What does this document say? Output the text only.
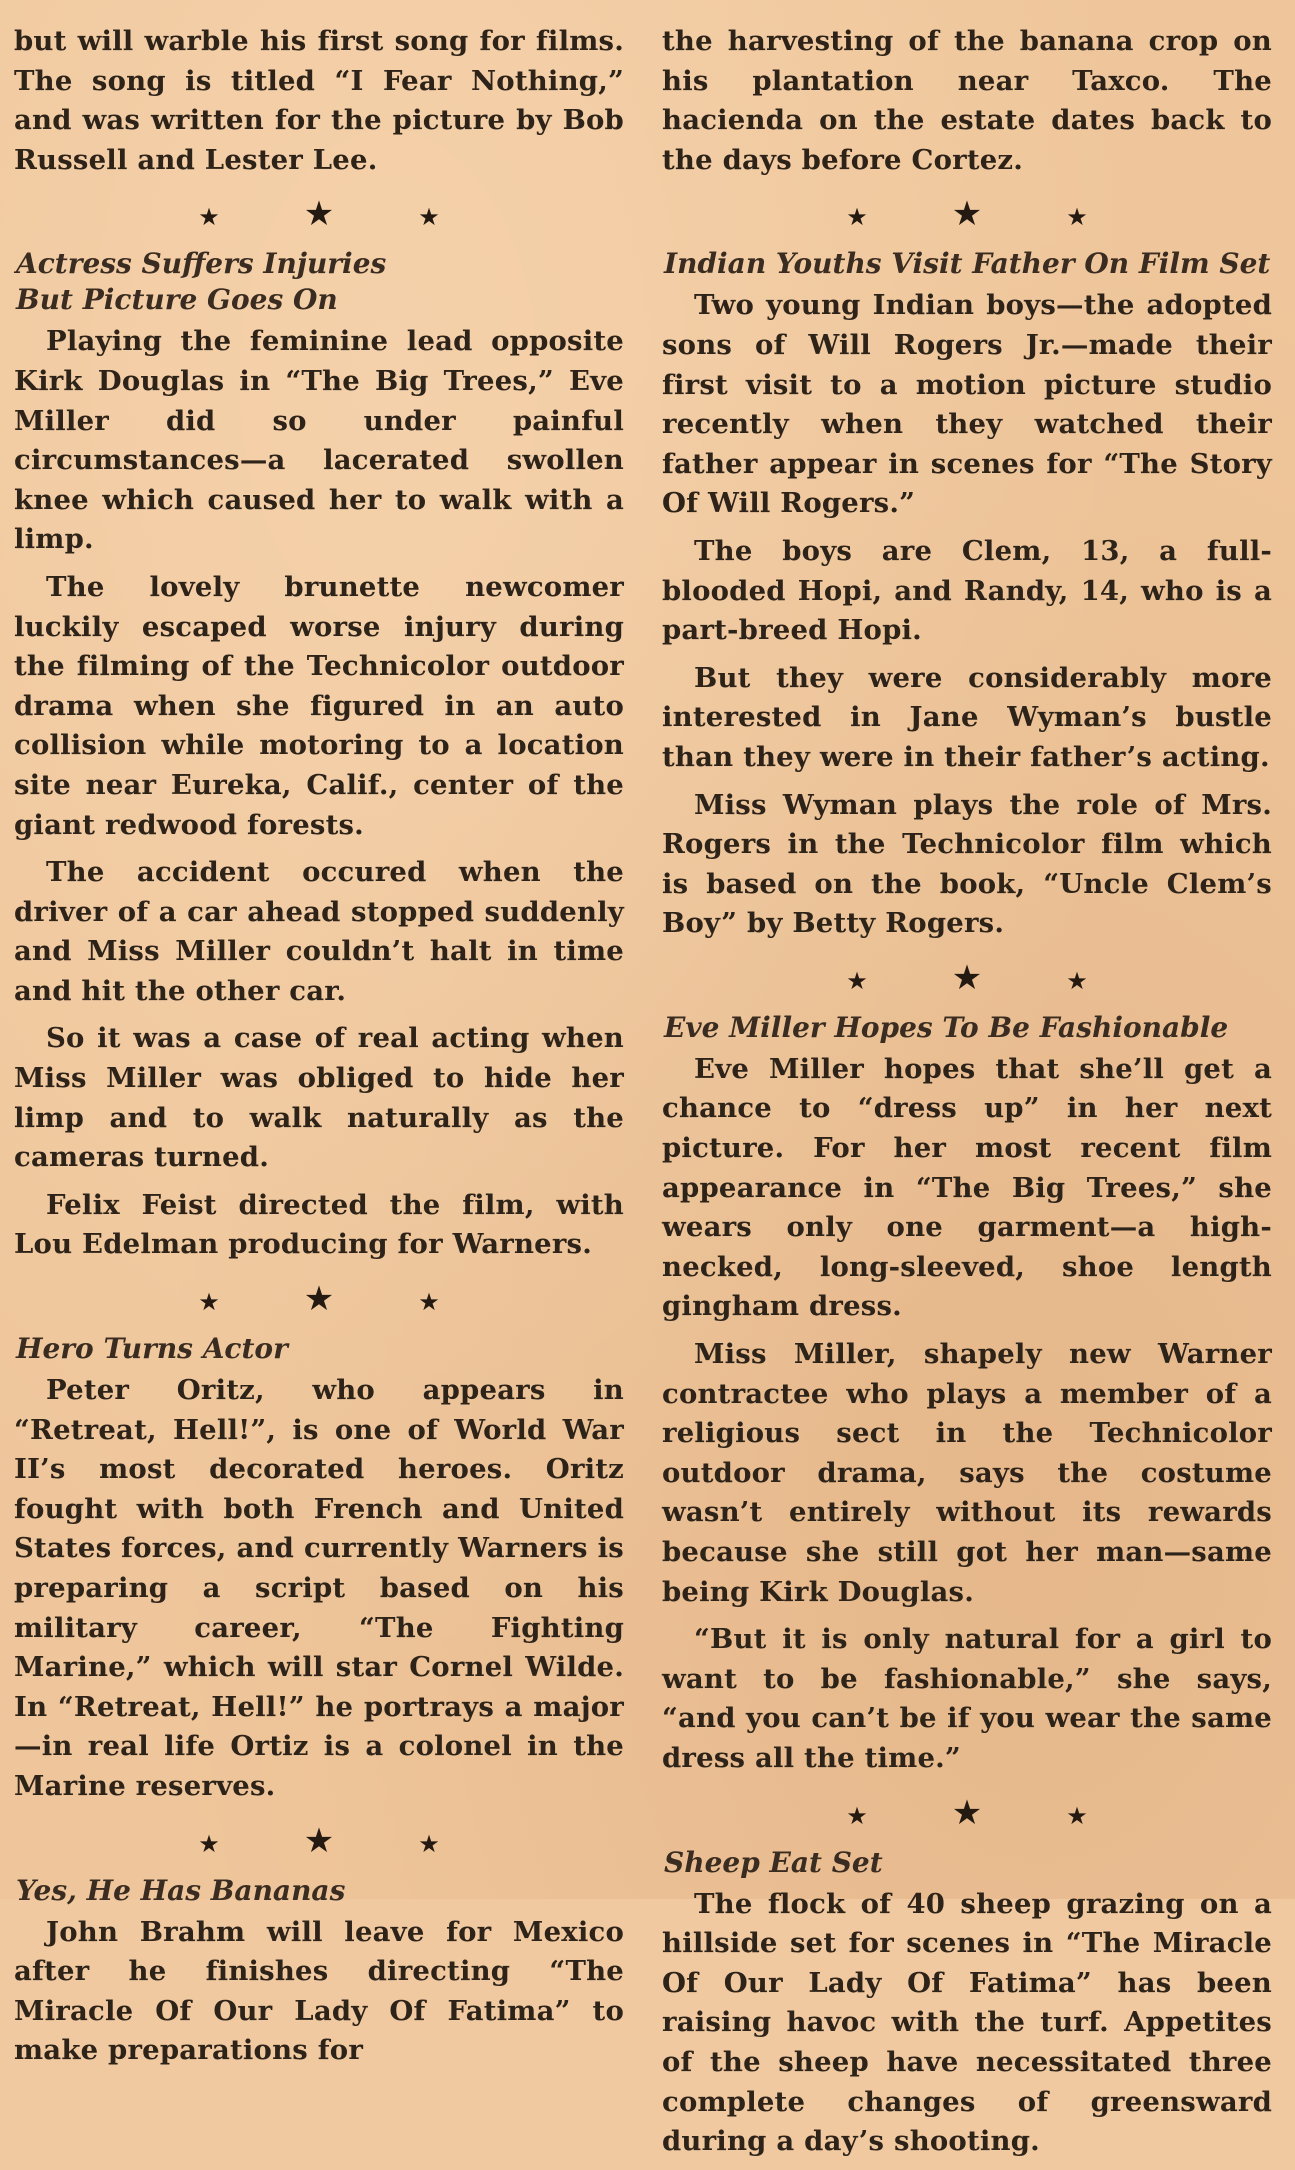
but will warble his first song for films. The song is titled “I Fear Nothing,” and was written for the picture by Bob Russell and Lester Lee.

★ ★	★
Actress Suffers Injuries
But Picture Goes On

Playing the feminine lead opposite Kirk Douglas in “The Big Trees,” Eve Miller did so under painful circumstances—a lacerated swollen knee which caused her to walk with a limp.

The lovely brunette newcomer luckily escaped worse injury during the filming of the Technicolor outdoor drama when she figured in an auto collision while motoring to a location site near Eureka, Calif., center of the giant redwood forests.

The accident occured when the driver of a car ahead stopped suddenly and Miss Miller couldn’t halt in time and hit the other car.

So it was a case of real acting when Miss Miller was obliged to hide her limp and to walk naturally as the cameras turned.

Felix Feist directed the film, with Lou Edelman producing for Warners.

★ ★	★
Hero Turns Actor

Peter Oritz, who appears in “Retreat, Hell!”, is one of World War II’s most decorated heroes. Oritz fought with both French and United States forces, and currently Warners is preparing a script based on his military career, “The Fighting Marine,” which will star Cornel Wilde. In “Retreat, Hell!” he portrays a major—in real life Ortiz is a colonel in the Marine reserves.

★ ★	★
Yes, He Has Bananas

John Brahm will leave for Mexico after he finishes directing “The Miracle Of Our Lady Of Fatima” to make preparations for

the harvesting of the banana crop on his plantation near Taxco. The hacienda on the estate dates back to the days before Cortez.

★ ★	★
Indian Youths Visit Father On Film Set

Two young Indian boys—the adopted sons of Will Rogers Jr.—made their first visit to a motion picture studio recently when they watched their father appear in scenes for “The Story Of Will Rogers.”

The boys are Clem, 13, a full-blooded Hopi, and Randy, 14, who is a part-breed Hopi.

But they were considerably more interested in Jane Wyman’s bustle than they were in their father’s acting.

Miss Wyman plays the role of Mrs. Rogers in the Technicolor film which is based on the book, “Uncle Clem’s Boy” by Betty Rogers.

★ ★	★
Eve Miller Hopes To Be Fashionable

Eve Miller hopes that she’ll get a chance to “dress up” in her next picture. For her most recent film appearance in “The Big Trees,” she wears only one garment—a high-necked, long-sleeved, shoe length gingham dress.

Miss Miller, shapely new Warner contractee who plays a member of a religious sect in the Technicolor outdoor drama, says the costume wasn’t entirely without its rewards because she still got her man—same being Kirk Douglas.

“But it is only natural for a girl to want to be fashionable,” she says, “and you can’t be if you wear the same dress all the time.”

★ ★	★
Sheep Eat Set

The flock of 40 sheep grazing on a hillside set for scenes in “The Miracle Of Our Lady Of Fatima” has been raising havoc with the turf. Appetites of the sheep have necessitated three complete changes of greensward during a day’s shooting.
